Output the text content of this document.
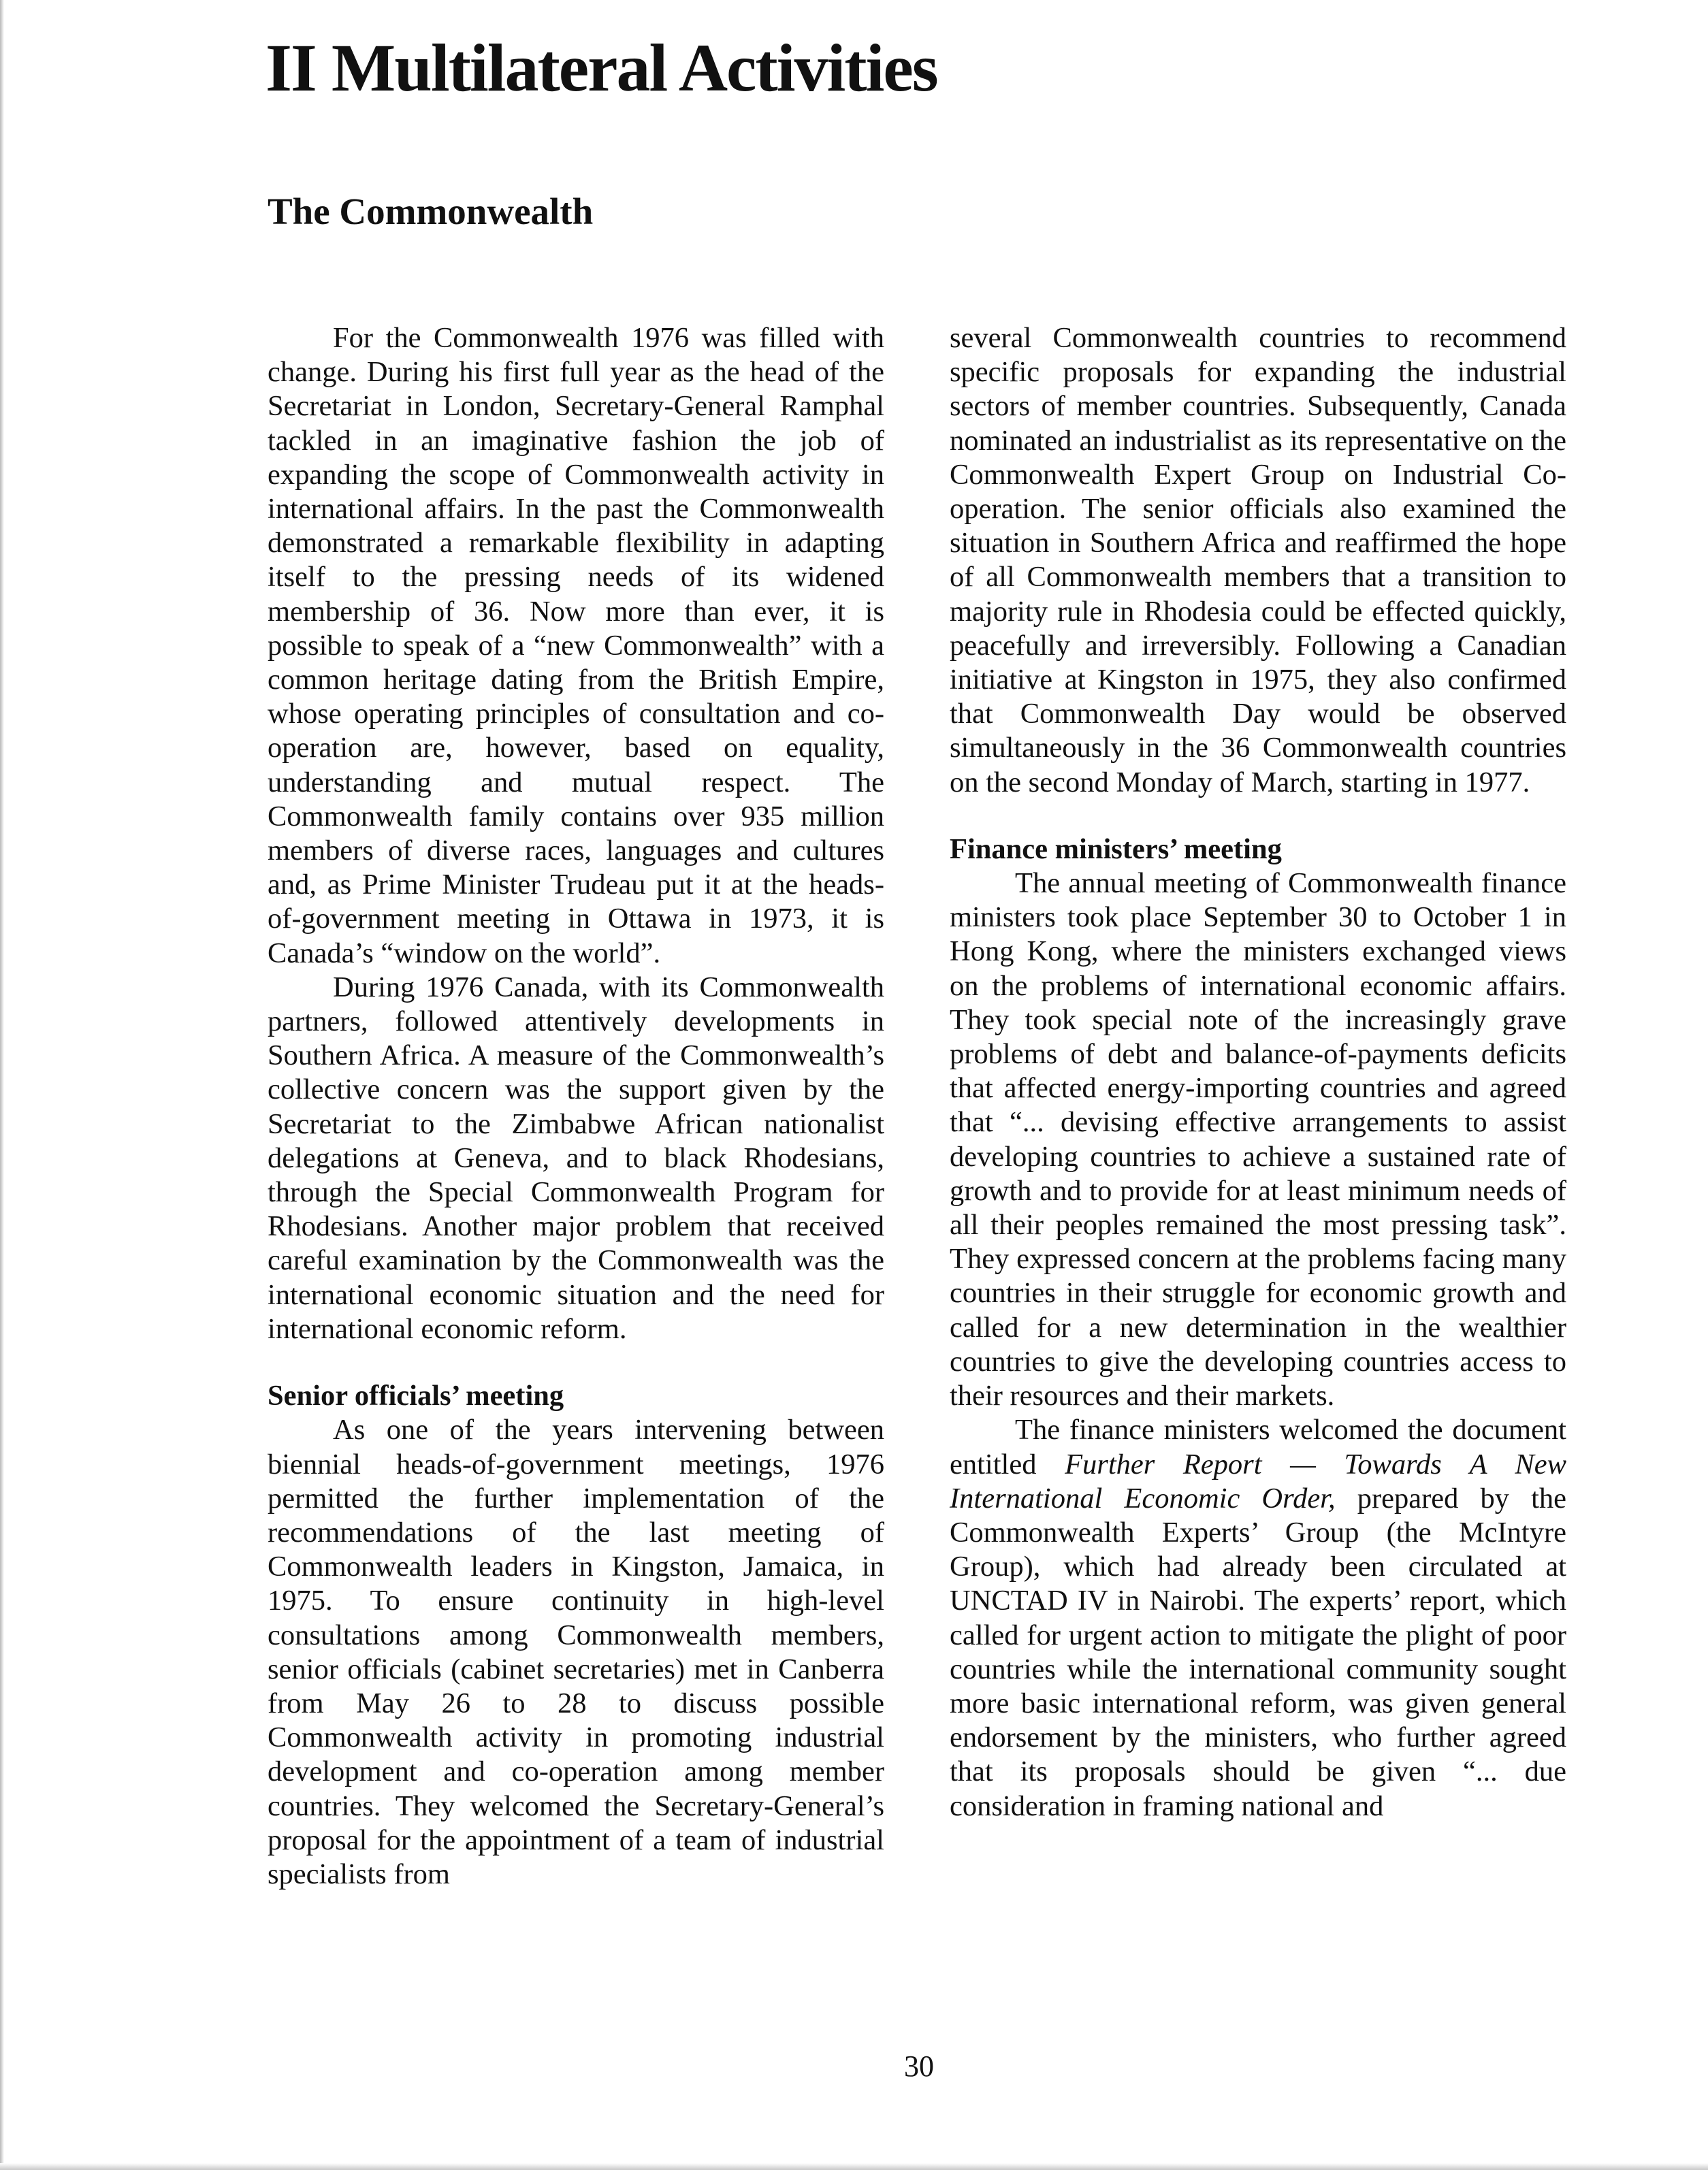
II Multilateral Activities
The Commonwealth

For the Commonwealth 1976 was filled with change. During his first full year as the head of the Secretariat in London, Secretary-General Ramphal tackled in an imaginative fashion the job of expanding the scope of Commonwealth activity in international affairs. In the past the Commonwealth demonstrated a remarkable flexibility in adapting itself to the pressing needs of its widened membership of 36. Now more than ever, it is possible to speak of a “new Commonwealth” with a common heritage dating from the British Empire, whose operating principles of consultation and co-operation are, however, based on equality, understanding and mutual respect. The Commonwealth family contains over 935 million members of diverse races, languages and cultures and, as Prime Minister Trudeau put it at the heads-of-government meeting in Ottawa in 1973, it is Canada’s “window on the world”.

During 1976 Canada, with its Commonwealth partners, followed attentively developments in Southern Africa. A measure of the Commonwealth’s collective concern was the support given by the Secretariat to the Zimbabwe African nationalist delegations at Geneva, and to black Rhodesians, through the Special Commonwealth Program for Rhodesians. Another major problem that received careful examination by the Commonwealth was the international economic situation and the need for international economic reform.

Senior officials’ meeting

As one of the years intervening between biennial heads-of-government meetings, 1976 permitted the further implementation of the recommendations of the last meeting of Commonwealth leaders in Kingston, Jamaica, in 1975. To ensure continuity in high-level consultations among Commonwealth members, senior officials (cabinet secretaries) met in Canberra from May 26 to 28 to discuss possible Commonwealth activity in promoting industrial development and co-operation among member countries. They welcomed the Secretary-General’s proposal for the appointment of a team of industrial specialists from

several Commonwealth countries to recommend specific proposals for expanding the industrial sectors of member countries. Subsequently, Canada nominated an industrialist as its representative on the Commonwealth Expert Group on Industrial Co-operation. The senior officials also examined the situation in Southern Africa and reaffirmed the hope of all Commonwealth members that a transition to majority rule in Rhodesia could be effected quickly, peacefully and irreversibly. Following a Canadian initiative at Kingston in 1975, they also confirmed that Commonwealth Day would be observed simultaneously in the 36 Commonwealth countries on the second Monday of March, starting in 1977.

Finance ministers’ meeting

The annual meeting of Commonwealth finance ministers took place September 30 to October 1 in Hong Kong, where the ministers exchanged views on the problems of international economic affairs. They took special note of the increasingly grave problems of debt and balance-of-payments deficits that affected energy-importing countries and agreed that “... devising effective arrangements to assist developing countries to achieve a sustained rate of growth and to provide for at least minimum needs of all their peoples remained the most pressing task”. They expressed concern at the problems facing many countries in their struggle for economic growth and called for a new determination in the wealthier countries to give the developing countries access to their resources and their markets.

The finance ministers welcomed the document entitled Further Report — Towards A New International Economic Order, prepared by the Commonwealth Experts’ Group (the McIntyre Group), which had already been circulated at UNCTAD IV in Nairobi. The experts’ report, which called for urgent action to mitigate the plight of poor countries while the international community sought more basic international reform, was given general endorsement by the ministers, who further agreed that its proposals should be given “... due consideration in framing national and

30
